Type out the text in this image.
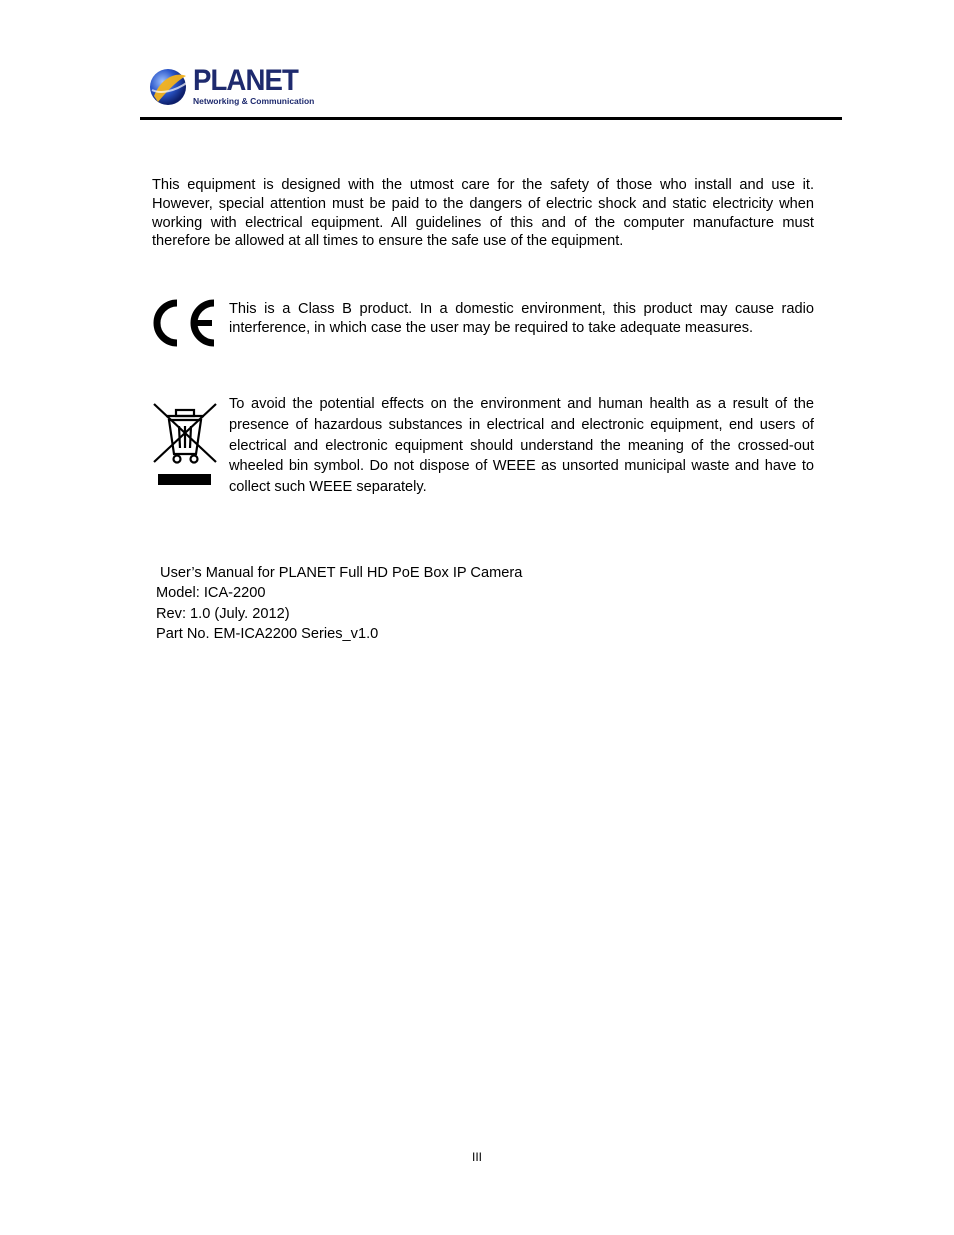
PLANET
Networking & Communication

This equipment is designed with the utmost care for the safety of those who install and use it. However, special attention must be paid to the dangers of electric shock and static electricity when working with electrical equipment. All guidelines of this and of the computer manufacture must therefore be allowed at all times to ensure the safe use of the equipment.

This is a Class B product. In a domestic environment, this product may cause radio interference, in which case the user may be required to take adequate measures.

To avoid the potential effects on the environment and human health as a result of the presence of hazardous substances in electrical and electronic equipment, end users of electrical and electronic equipment should understand the meaning of the crossed-out wheeled bin symbol. Do not dispose of WEEE as unsorted municipal waste and have to collect such WEEE separately.

User’s Manual for PLANET Full HD PoE Box IP Camera
Model: ICA-2200
Rev: 1.0 (July. 2012)
Part No. EM-ICA2200 Series_v1.0
III
